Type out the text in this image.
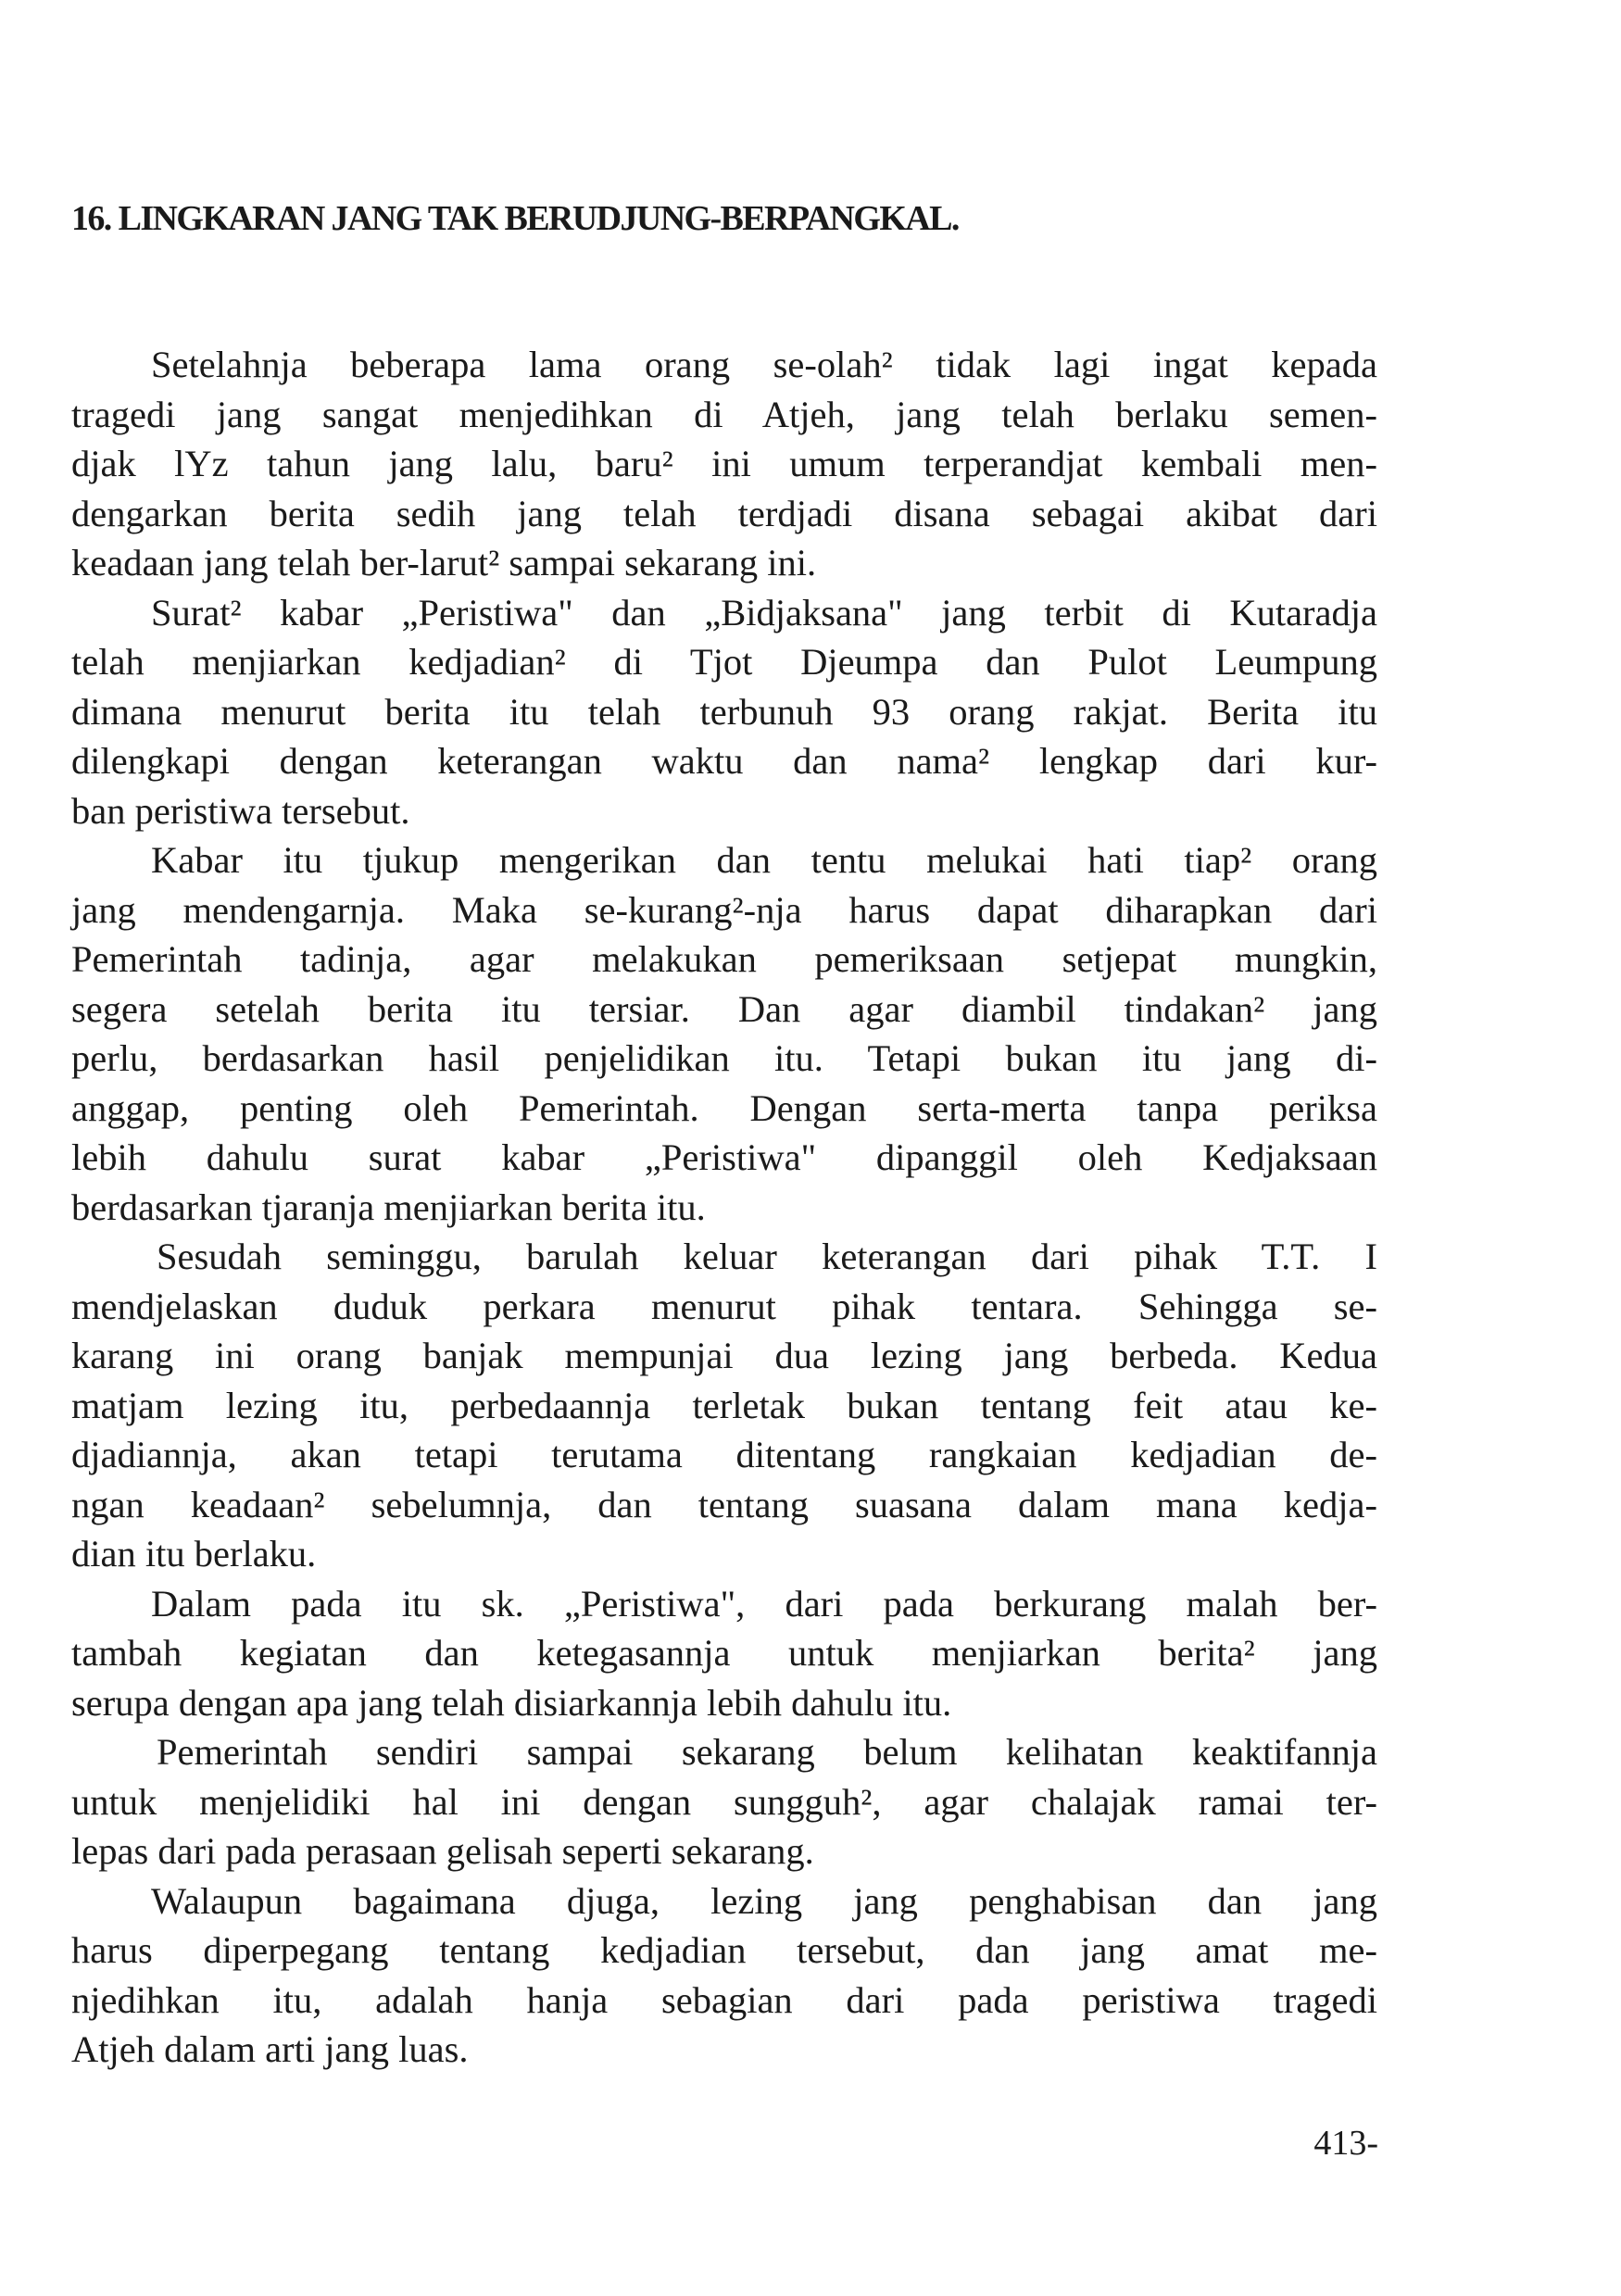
16. LINGKARAN JANG TAK BERUDJUNG-BERPANGKAL.
Setelahnja beberapa lama orang se-olah² tidak lagi ingat kepada
tragedi jang sangat menjedihkan di Atjeh, jang telah berlaku semen-
djak lYz tahun jang lalu, baru² ini umum terperandjat kembali men-
dengarkan berita sedih jang telah terdjadi disana sebagai akibat dari
keadaan jang telah ber-larut² sampai sekarang ini.
Surat² kabar „Peristiwa" dan „Bidjaksana" jang terbit di Kutaradja
telah menjiarkan kedjadian² di Tjot Djeumpa dan Pulot Leumpung
dimana menurut berita itu telah terbunuh 93 orang rakjat. Berita itu
dilengkapi dengan keterangan waktu dan nama² lengkap dari kur-
ban peristiwa tersebut.
Kabar itu tjukup mengerikan dan tentu melukai hati tiap² orang
jang mendengarnja. Maka se-kurang²-nja harus dapat diharapkan dari
Pemerintah tadinja, agar melakukan pemeriksaan setjepat mungkin,
segera setelah berita itu tersiar. Dan agar diambil tindakan² jang
perlu, berdasarkan hasil penjelidikan itu. Tetapi bukan itu jang di-
anggap, penting oleh Pemerintah. Dengan serta-merta tanpa periksa
lebih dahulu surat kabar „Peristiwa" dipanggil oleh Kedjaksaan
berdasarkan tjaranja menjiarkan berita itu.
Sesudah seminggu, barulah keluar keterangan dari pihak T.T. I
mendjelaskan duduk perkara menurut pihak tentara. Sehingga se-
karang ini orang banjak mempunjai dua lezing jang berbeda. Kedua
matjam lezing itu, perbedaannja terletak bukan tentang feit atau ke-
djadiannja, akan tetapi terutama ditentang rangkaian kedjadian de-
ngan keadaan² sebelumnja, dan tentang suasana dalam mana kedja-
dian itu berlaku.
Dalam pada itu sk. „Peristiwa", dari pada berkurang malah ber-
tambah kegiatan dan ketegasannja untuk menjiarkan berita² jang
serupa dengan apa jang telah disiarkannja lebih dahulu itu.
Pemerintah sendiri sampai sekarang belum kelihatan keaktifannja
untuk menjelidiki hal ini dengan sungguh², agar chalajak ramai ter-
lepas dari pada perasaan gelisah seperti sekarang.
Walaupun bagaimana djuga, lezing jang penghabisan dan jang
harus diperpegang tentang kedjadian tersebut, dan jang amat me-
njedihkan itu, adalah hanja sebagian dari pada peristiwa tragedi
Atjeh dalam arti jang luas.
413-
